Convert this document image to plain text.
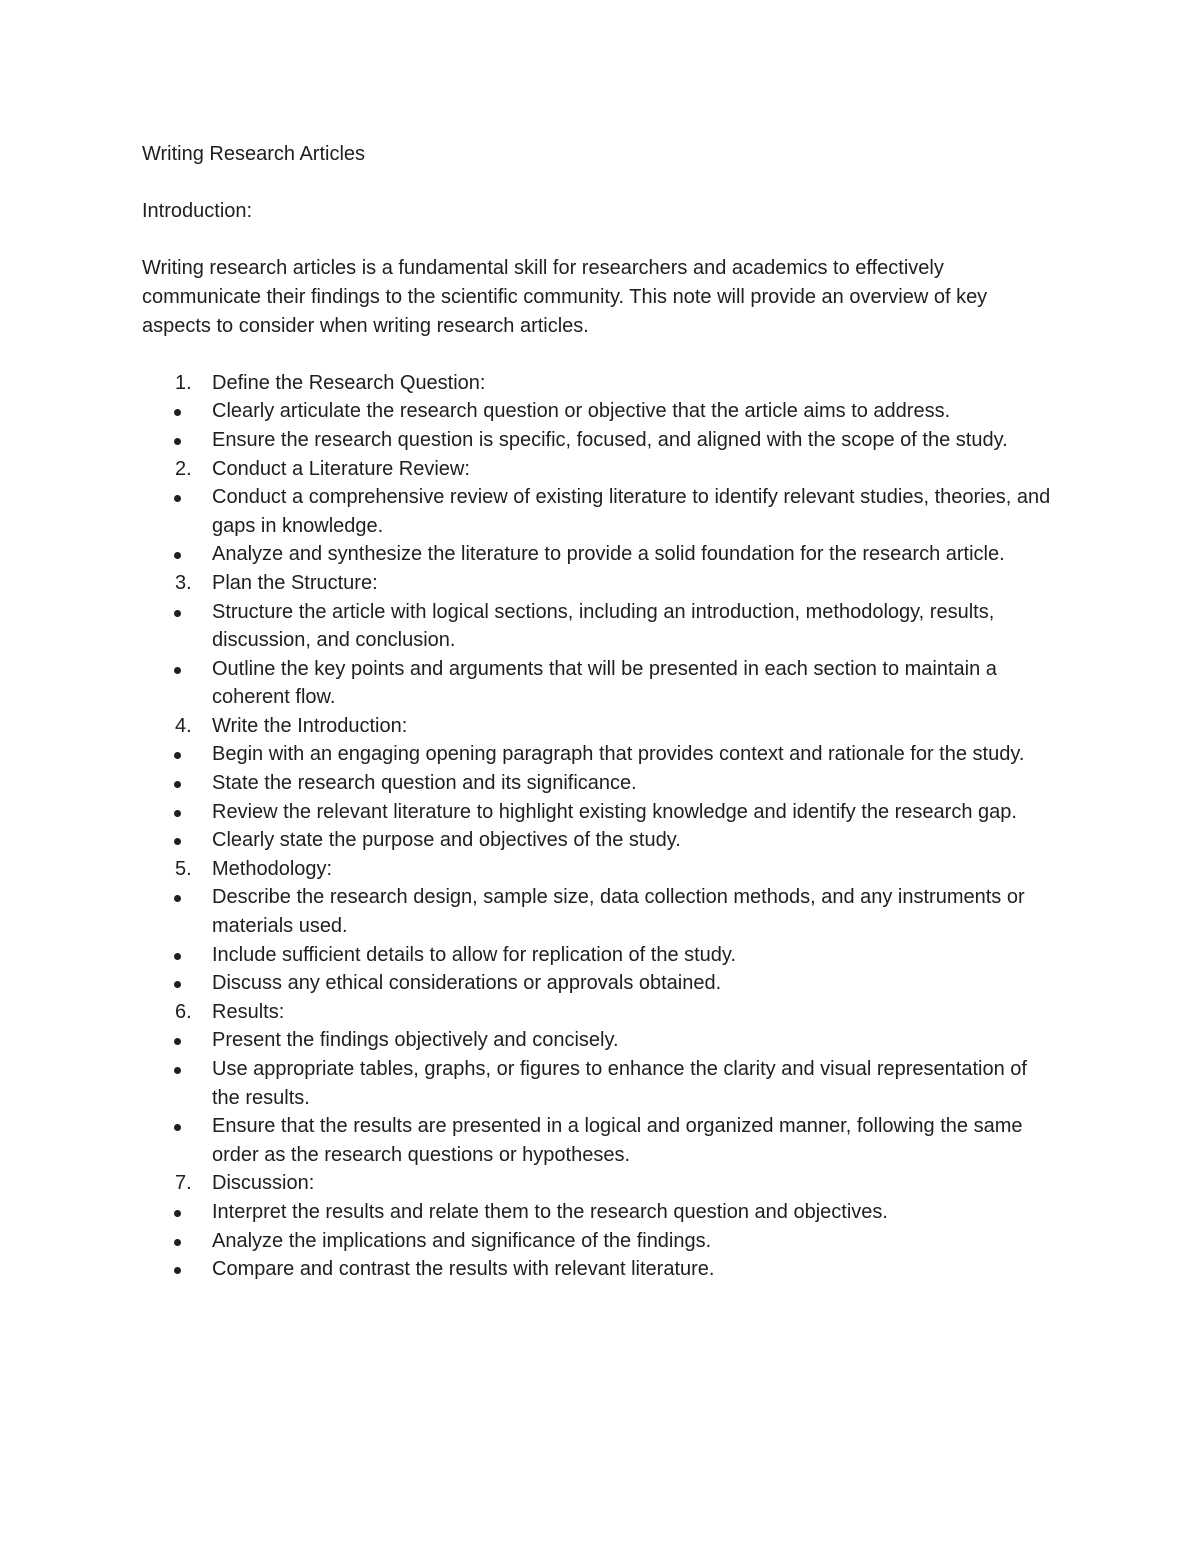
Writing Research Articles
Introduction:
Writing research articles is a fundamental skill for researchers and academics to effectively communicate their findings to the scientific community. This note will provide an overview of key aspects to consider when writing research articles.
1.	Define the Research Question:
Clearly articulate the research question or objective that the article aims to address.
Ensure the research question is specific, focused, and aligned with the scope of the study.
2.	Conduct a Literature Review:
Conduct a comprehensive review of existing literature to identify relevant studies, theories, and gaps in knowledge.
Analyze and synthesize the literature to provide a solid foundation for the research article.
3.	Plan the Structure:
Structure the article with logical sections, including an introduction, methodology, results, discussion, and conclusion.
Outline the key points and arguments that will be presented in each section to maintain a coherent flow.
4.	Write the Introduction:
Begin with an engaging opening paragraph that provides context and rationale for the study.
State the research question and its significance.
Review the relevant literature to highlight existing knowledge and identify the research gap.
Clearly state the purpose and objectives of the study.
5.	Methodology:
Describe the research design, sample size, data collection methods, and any instruments or materials used.
Include sufficient details to allow for replication of the study.
Discuss any ethical considerations or approvals obtained.
6.	Results:
Present the findings objectively and concisely.
Use appropriate tables, graphs, or figures to enhance the clarity and visual representation of the results.
Ensure that the results are presented in a logical and organized manner, following the same order as the research questions or hypotheses.
7.	Discussion:
Interpret the results and relate them to the research question and objectives.
Analyze the implications and significance of the findings.
Compare and contrast the results with relevant literature.
